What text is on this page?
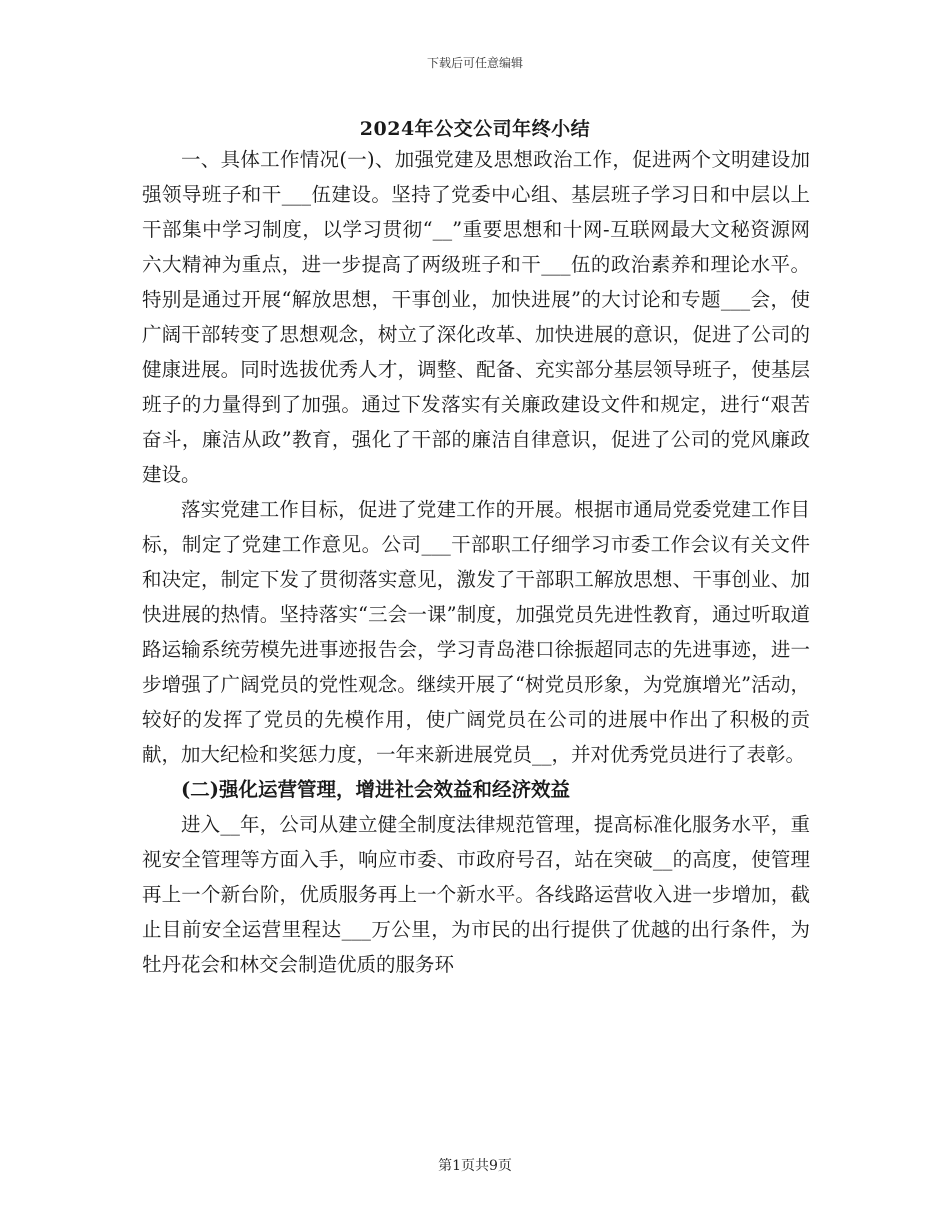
下载后可任意编辑
2024年公交公司年终小结

一、具体工作情况(一)、加强党建及思想政治工作，促进两个文明建设加强领导班子和干___伍建设。坚持了党委中心组、基层班子学习日和中层以上干部集中学习制度，以学习贯彻“__”重要思想和十网-互联网最大文秘资源网六大精神为重点，进一步提高了两级班子和干___伍的政治素养和理论水平。特别是通过开展“解放思想，干事创业，加快进展”的大讨论和专题___会，使广阔干部转变了思想观念，树立了深化改革、加快进展的意识，促进了公司的健康进展。同时选拔优秀人才，调整、配备、充实部分基层领导班子，使基层班子的力量得到了加强。通过下发落实有关廉政建设文件和规定，进行“艰苦奋斗，廉洁从政”教育，强化了干部的廉洁自律意识，促进了公司的党风廉政建设。

落实党建工作目标，促进了党建工作的开展。根据市通局党委党建工作目标，制定了党建工作意见。公司___干部职工仔细学习市委工作会议有关文件和决定，制定下发了贯彻落实意见，激发了干部职工解放思想、干事创业、加快进展的热情。坚持落实“三会一课”制度，加强党员先进性教育，通过听取道路运输系统劳模先进事迹报告会，学习青岛港口徐振超同志的先进事迹，进一步增强了广阔党员的党性观念。继续开展了“树党员形象，为党旗增光”活动，较好的发挥了党员的先模作用，使广阔党员在公司的进展中作出了积极的贡献，加大纪检和奖惩力度，一年来新进展党员__，并对优秀党员进行了表彰。

(二)强化运营管理，增进社会效益和经济效益

进入__年，公司从建立健全制度法律规范管理，提高标准化服务水平，重视安全管理等方面入手，响应市委、市政府号召，站在突破__的高度，使管理再上一个新台阶，优质服务再上一个新水平。各线路运营收入进一步增加，截止目前安全运营里程达___万公里，为市民的出行提供了优越的出行条件，为牡丹花会和林交会制造优质的服务环

第1页共9页
